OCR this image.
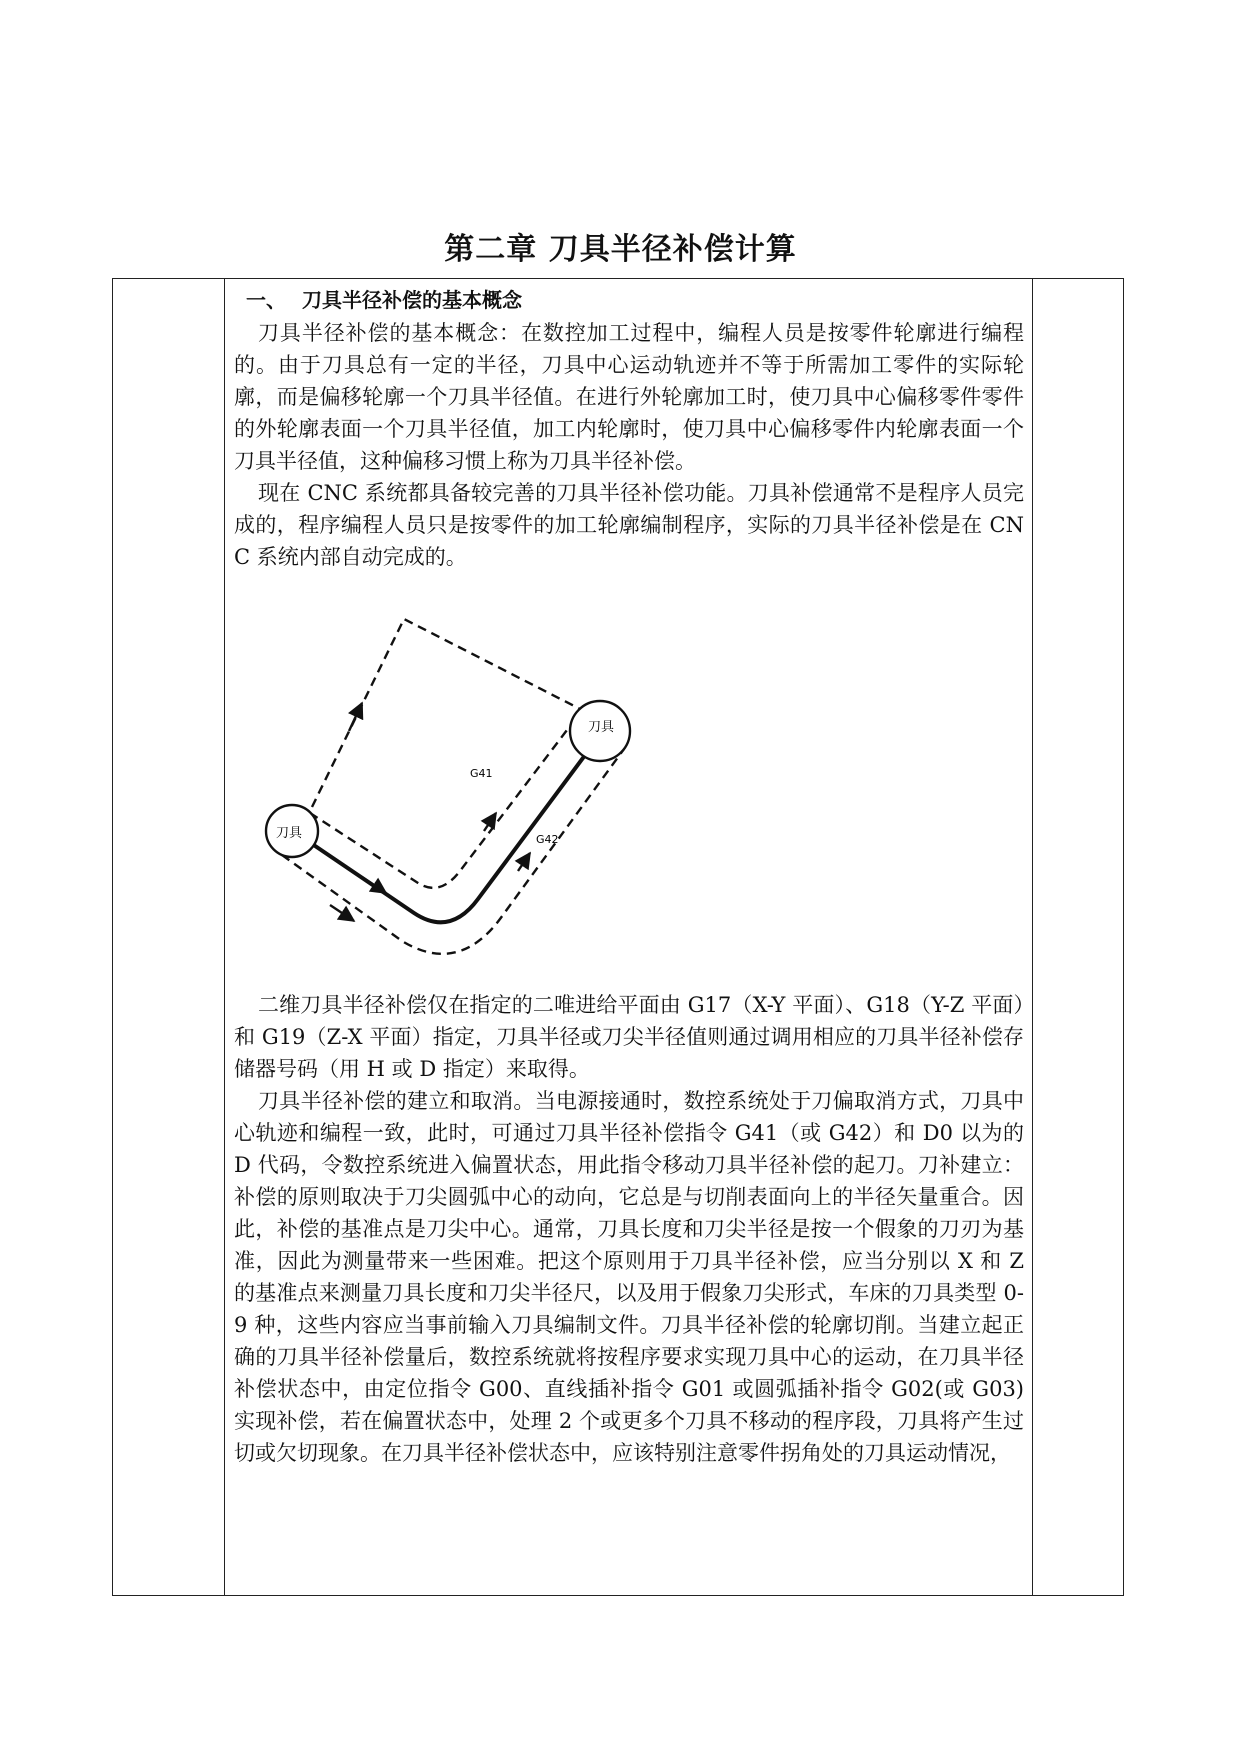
第二章 刀具半径补偿计算

一、 刀具半径补偿的基本概念

刀具半径补偿的基本概念：在数控加工过程中，编程人员是按零件轮廓进行编程的。由于刀具总有一定的半径，刀具中心运动轨迹并不等于所需加工零件的实际轮廓，而是偏移轮廓一个刀具半径值。在进行外轮廓加工时，使刀具中心偏移零件零件的外轮廓表面一个刀具半径值，加工内轮廓时，使刀具中心偏移零件内轮廓表面一个刀具半径值，这种偏移习惯上称为刀具半径补偿。

现在 CNC 系统都具备较完善的刀具半径补偿功能。刀具补偿通常不是程序人员完成的，程序编程人员只是按零件的加工轮廓编制程序，实际的刀具半径补偿是在 CNC 系统内部自动完成的。

刀具
刀具
G41
G42

二维刀具半径补偿仅在指定的二唯进给平面由 G17（X-Y 平面）、G18（Y-Z 平面）和 G19（Z-X 平面）指定，刀具半径或刀尖半径值则通过调用相应的刀具半径补偿存储器号码（用 H 或 D 指定）来取得。

刀具半径补偿的建立和取消。当电源接通时，数控系统处于刀偏取消方式，刀具中心轨迹和编程一致，此时，可通过刀具半径补偿指令 G41（或 G42）和 D0 以为的 D 代码，令数控系统进入偏置状态，用此指令移动刀具半径补偿的起刀。刀补建立：补偿的原则取决于刀尖圆弧中心的动向，它总是与切削表面向上的半径矢量重合。因此，补偿的基准点是刀尖中心。通常，刀具长度和刀尖半径是按一个假象的刀刃为基准，因此为测量带来一些困难。把这个原则用于刀具半径补偿，应当分别以 X 和 Z 的基准点来测量刀具长度和刀尖半径尺，以及用于假象刀尖形式，车床的刀具类型 0-9 种，这些内容应当事前输入刀具编制文件。刀具半径补偿的轮廓切削。当建立起正确的刀具半径补偿量后，数控系统就将按程序要求实现刀具中心的运动，在刀具半径补偿状态中，由定位指令 G00、直线插补指令 G01 或圆弧插补指令 G02(或 G03)实现补偿，若在偏置状态中，处理 2 个或更多个刀具不移动的程序段，刀具将产生过切或欠切现象。在刀具半径补偿状态中，应该特别注意零件拐角处的刀具运动情况，
